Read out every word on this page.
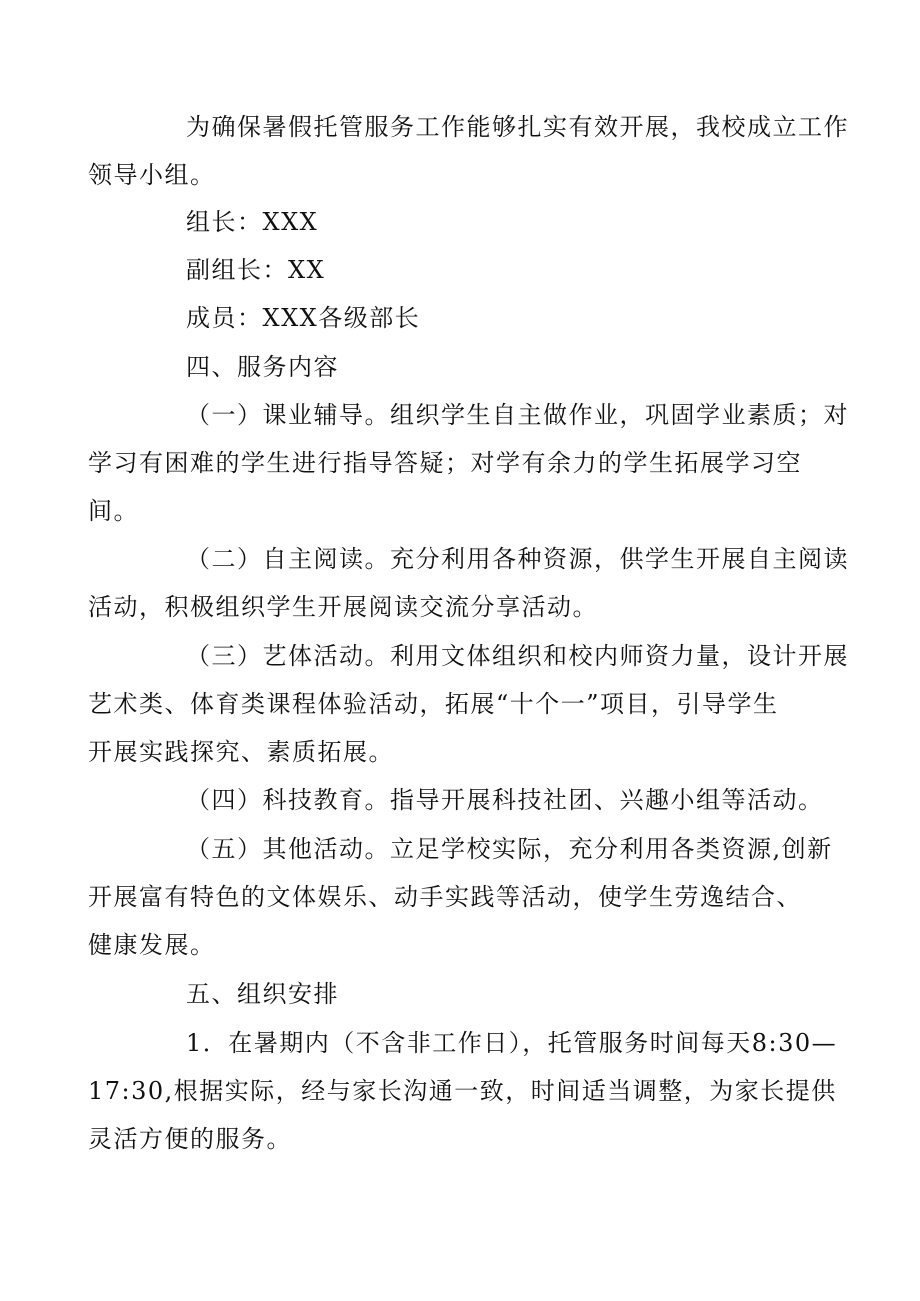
为确保暑假托管服务工作能够扎实有效开展，我校成立工作
领导小组。

组长：XXX

副组长：XX

成员：XXX各级部长

四、服务内容

（一）课业辅导。组织学生自主做作业，巩固学业素质；对
学习有困难的学生进行指导答疑；对学有余力的学生拓展学习空
间。

（二）自主阅读。充分利用各种资源，供学生开展自主阅读
活动，积极组织学生开展阅读交流分享活动。

（三）艺体活动。利用文体组织和校内师资力量，设计开展
艺术类、体育类课程体验活动，拓展“十个一”项目，引导学生
开展实践探究、素质拓展。

（四）科技教育。指导开展科技社团、兴趣小组等活动。

（五）其他活动。立足学校实际，充分利用各类资源,创新
开展富有特色的文体娱乐、动手实践等活动，使学生劳逸结合、
健康发展。

五、组织安排

1．在暑期内（不含非工作日），托管服务时间每天8:30—
17:30,根据实际，经与家长沟通一致，时间适当调整，为家长提供
灵活方便的服务。
